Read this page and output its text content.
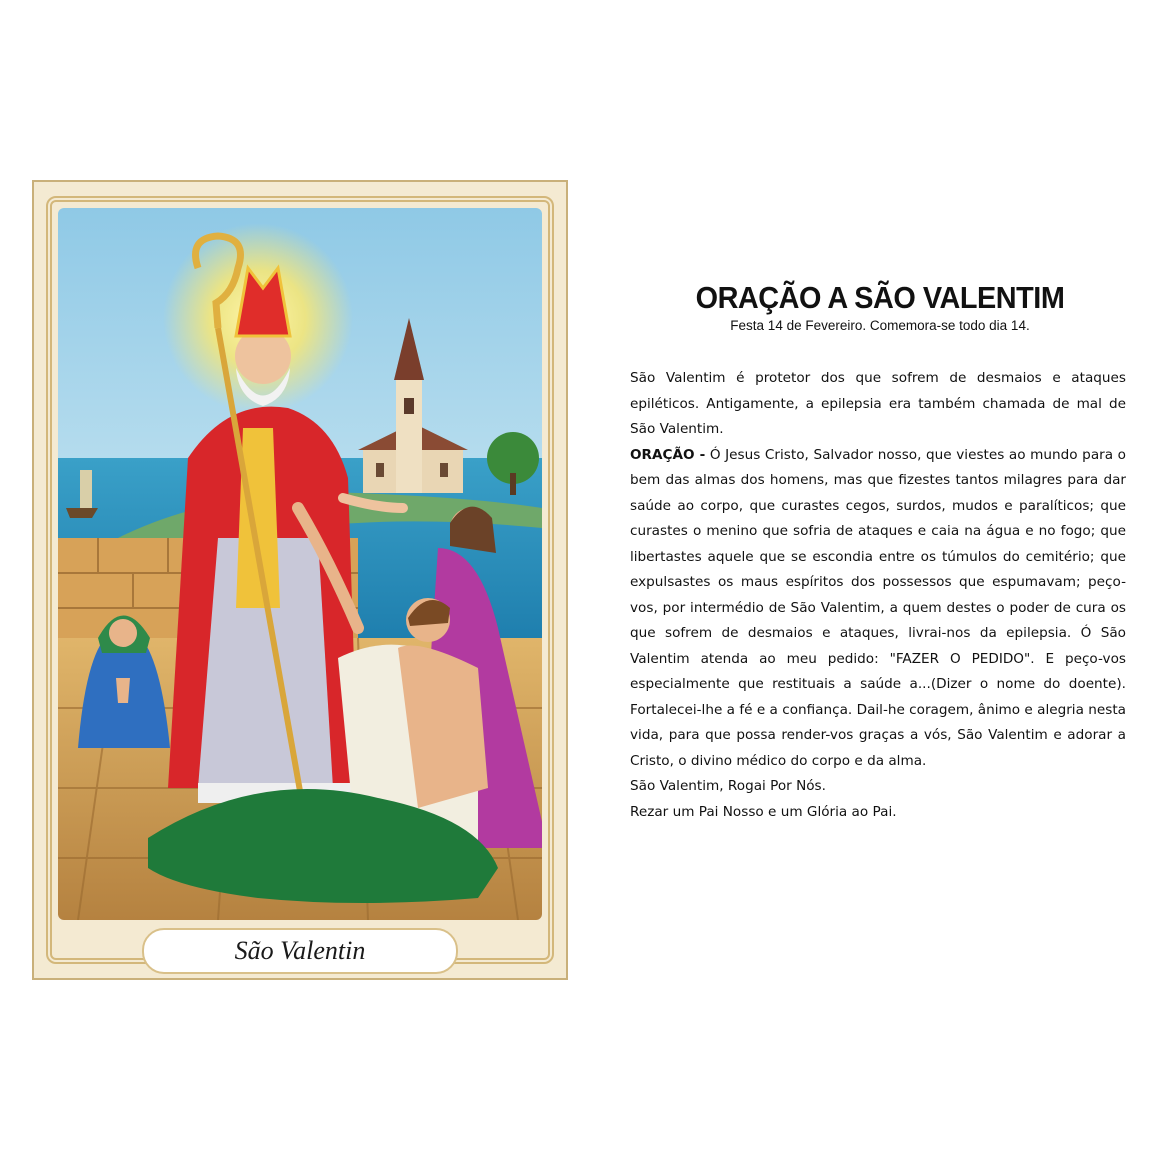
São Valentin
ORAÇÃO A SÃO VALENTIM
Festa 14 de Fevereiro. Comemora-se todo dia 14.

São Valentim é protetor dos que sofrem de desmaios e ataques epiléticos. Antigamente, a epilepsia era também chamada de mal de São Valentim.

ORAÇÃO - Ó Jesus Cristo, Salvador nosso, que viestes ao mundo para o bem das almas dos homens, mas que fizestes tantos milagres para dar saúde ao corpo, que curastes cegos, surdos, mudos e paralíticos; que curastes o menino que sofria de ataques e caia na água e no fogo; que libertastes aquele que se escondia entre os túmulos do cemitério; que expulsastes os maus espíritos dos possessos que espumavam; peço-vos, por intermédio de São Valentim, a quem destes o poder de cura os que sofrem de desmaios e ataques, livrai-nos da epilepsia. Ó São Valentim atenda ao meu pedido: "FAZER O PEDIDO". E peço-vos especialmente que restituais a saúde a...(Dizer o nome do doente). Fortalecei-lhe a fé e a confiança. Dail-he coragem, ânimo e alegria nesta vida, para que possa render-vos graças a vós, São Valentim e adorar a Cristo, o divino médico do corpo e da alma.

São Valentim, Rogai Por Nós.

Rezar um Pai Nosso e um Glória ao Pai.
